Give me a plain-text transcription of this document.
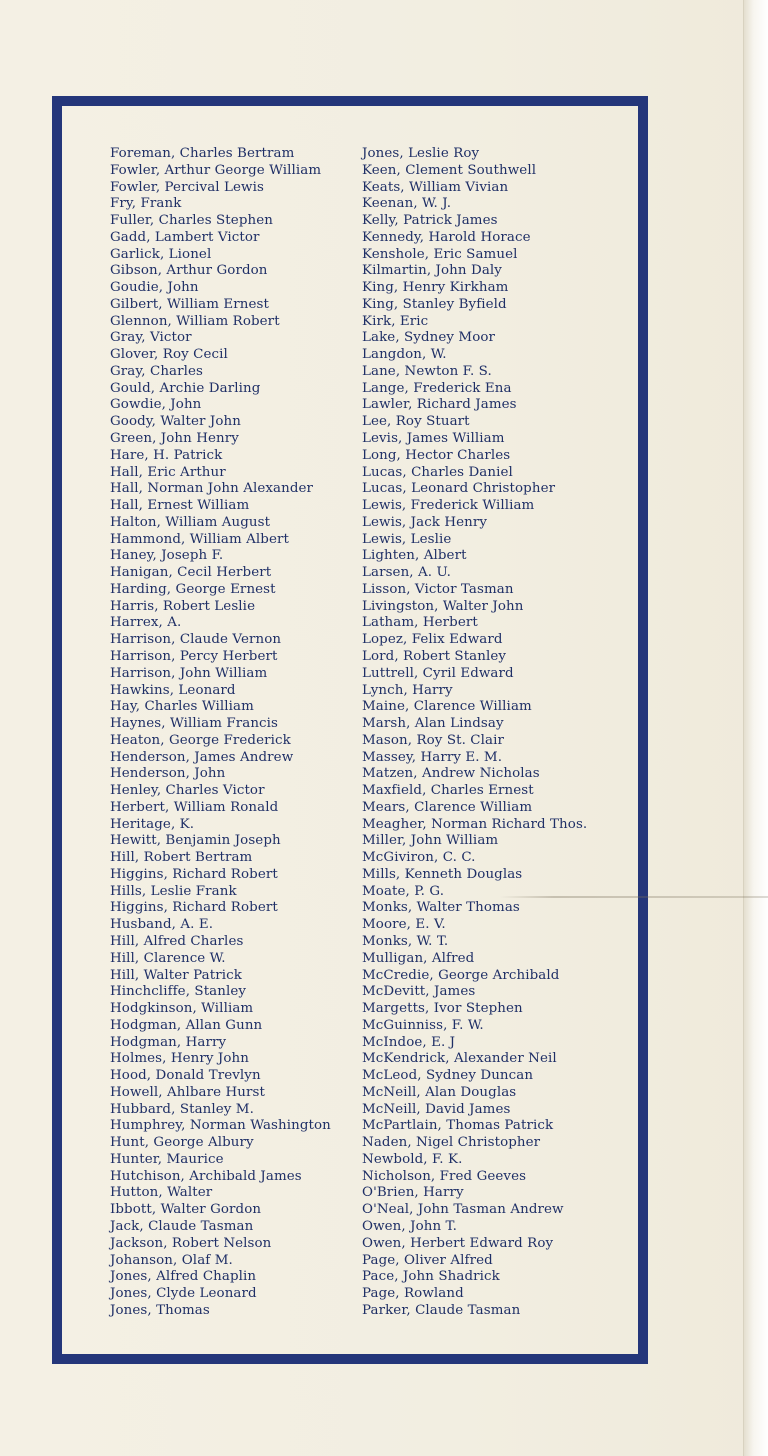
Foreman, Charles Bertram
Fowler, Arthur George William
Fowler, Percival Lewis
Fry, Frank
Fuller, Charles Stephen
Gadd, Lambert Victor
Garlick, Lionel
Gibson, Arthur Gordon
Goudie, John
Gilbert, William Ernest
Glennon, William Robert
Gray, Victor
Glover, Roy Cecil
Gray, Charles
Gould, Archie Darling
Gowdie, John
Goody, Walter John
Green, John Henry
Hare, H. Patrick
Hall, Eric Arthur
Hall, Norman John Alexander
Hall, Ernest William
Halton, William August
Hammond, William Albert
Haney, Joseph F.
Hanigan, Cecil Herbert
Harding, George Ernest
Harris, Robert Leslie
Harrex, A.
Harrison, Claude Vernon
Harrison, Percy Herbert
Harrison, John William
Hawkins, Leonard
Hay, Charles William
Haynes, William Francis
Heaton, George Frederick
Henderson, James Andrew
Henderson, John
Henley, Charles Victor
Herbert, William Ronald
Heritage, K.
Hewitt, Benjamin Joseph
Hill, Robert Bertram
Higgins, Richard Robert
Hills, Leslie Frank
Higgins, Richard Robert
Husband, A. E.
Hill, Alfred Charles
Hill, Clarence W.
Hill, Walter Patrick
Hinchcliffe, Stanley
Hodgkinson, William
Hodgman, Allan Gunn
Hodgman, Harry
Holmes, Henry John
Hood, Donald Trevlyn
Howell, Ahlbare Hurst
Hubbard, Stanley M.
Humphrey, Norman Washington
Hunt, George Albury
Hunter, Maurice
Hutchison, Archibald James
Hutton, Walter
Ibbott, Walter Gordon
Jack, Claude Tasman
Jackson, Robert Nelson
Johanson, Olaf M.
Jones, Alfred Chaplin
Jones, Clyde Leonard
Jones, Thomas
Jones, Leslie Roy
Keen, Clement Southwell
Keats, William Vivian
Keenan, W. J.
Kelly, Patrick James
Kennedy, Harold Horace
Kenshole, Eric Samuel
Kilmartin, John Daly
King, Henry Kirkham
King, Stanley Byfield
Kirk, Eric
Lake, Sydney Moor
Langdon, W.
Lane, Newton F. S.
Lange, Frederick Ena
Lawler, Richard James
Lee, Roy Stuart
Levis, James William
Long, Hector Charles
Lucas, Charles Daniel
Lucas, Leonard Christopher
Lewis, Frederick William
Lewis, Jack Henry
Lewis, Leslie
Lighten, Albert
Larsen, A. U.
Lisson, Victor Tasman
Livingston, Walter John
Latham, Herbert
Lopez, Felix Edward
Lord, Robert Stanley
Luttrell, Cyril Edward
Lynch, Harry
Maine, Clarence William
Marsh, Alan Lindsay
Mason, Roy St. Clair
Massey, Harry E. M.
Matzen, Andrew Nicholas
Maxfield, Charles Ernest
Mears, Clarence William
Meagher, Norman Richard Thos.
Miller, John William
McGiviron, C. C.
Mills, Kenneth Douglas
Moate, P. G.
Monks, Walter Thomas
Moore, E. V.
Monks, W. T.
Mulligan, Alfred
McCredie, George Archibald
McDevitt, James
Margetts, Ivor Stephen
McGuinniss, F. W.
McIndoe, E. J
McKendrick, Alexander Neil
McLeod, Sydney Duncan
McNeill, Alan Douglas
McNeill, David James
McPartlain, Thomas Patrick
Naden, Nigel Christopher
Newbold, F. K.
Nicholson, Fred Geeves
O'Brien, Harry
O'Neal, John Tasman Andrew
Owen, John T.
Owen, Herbert Edward Roy
Page, Oliver Alfred
Pace, John Shadrick
Page, Rowland
Parker, Claude Tasman
